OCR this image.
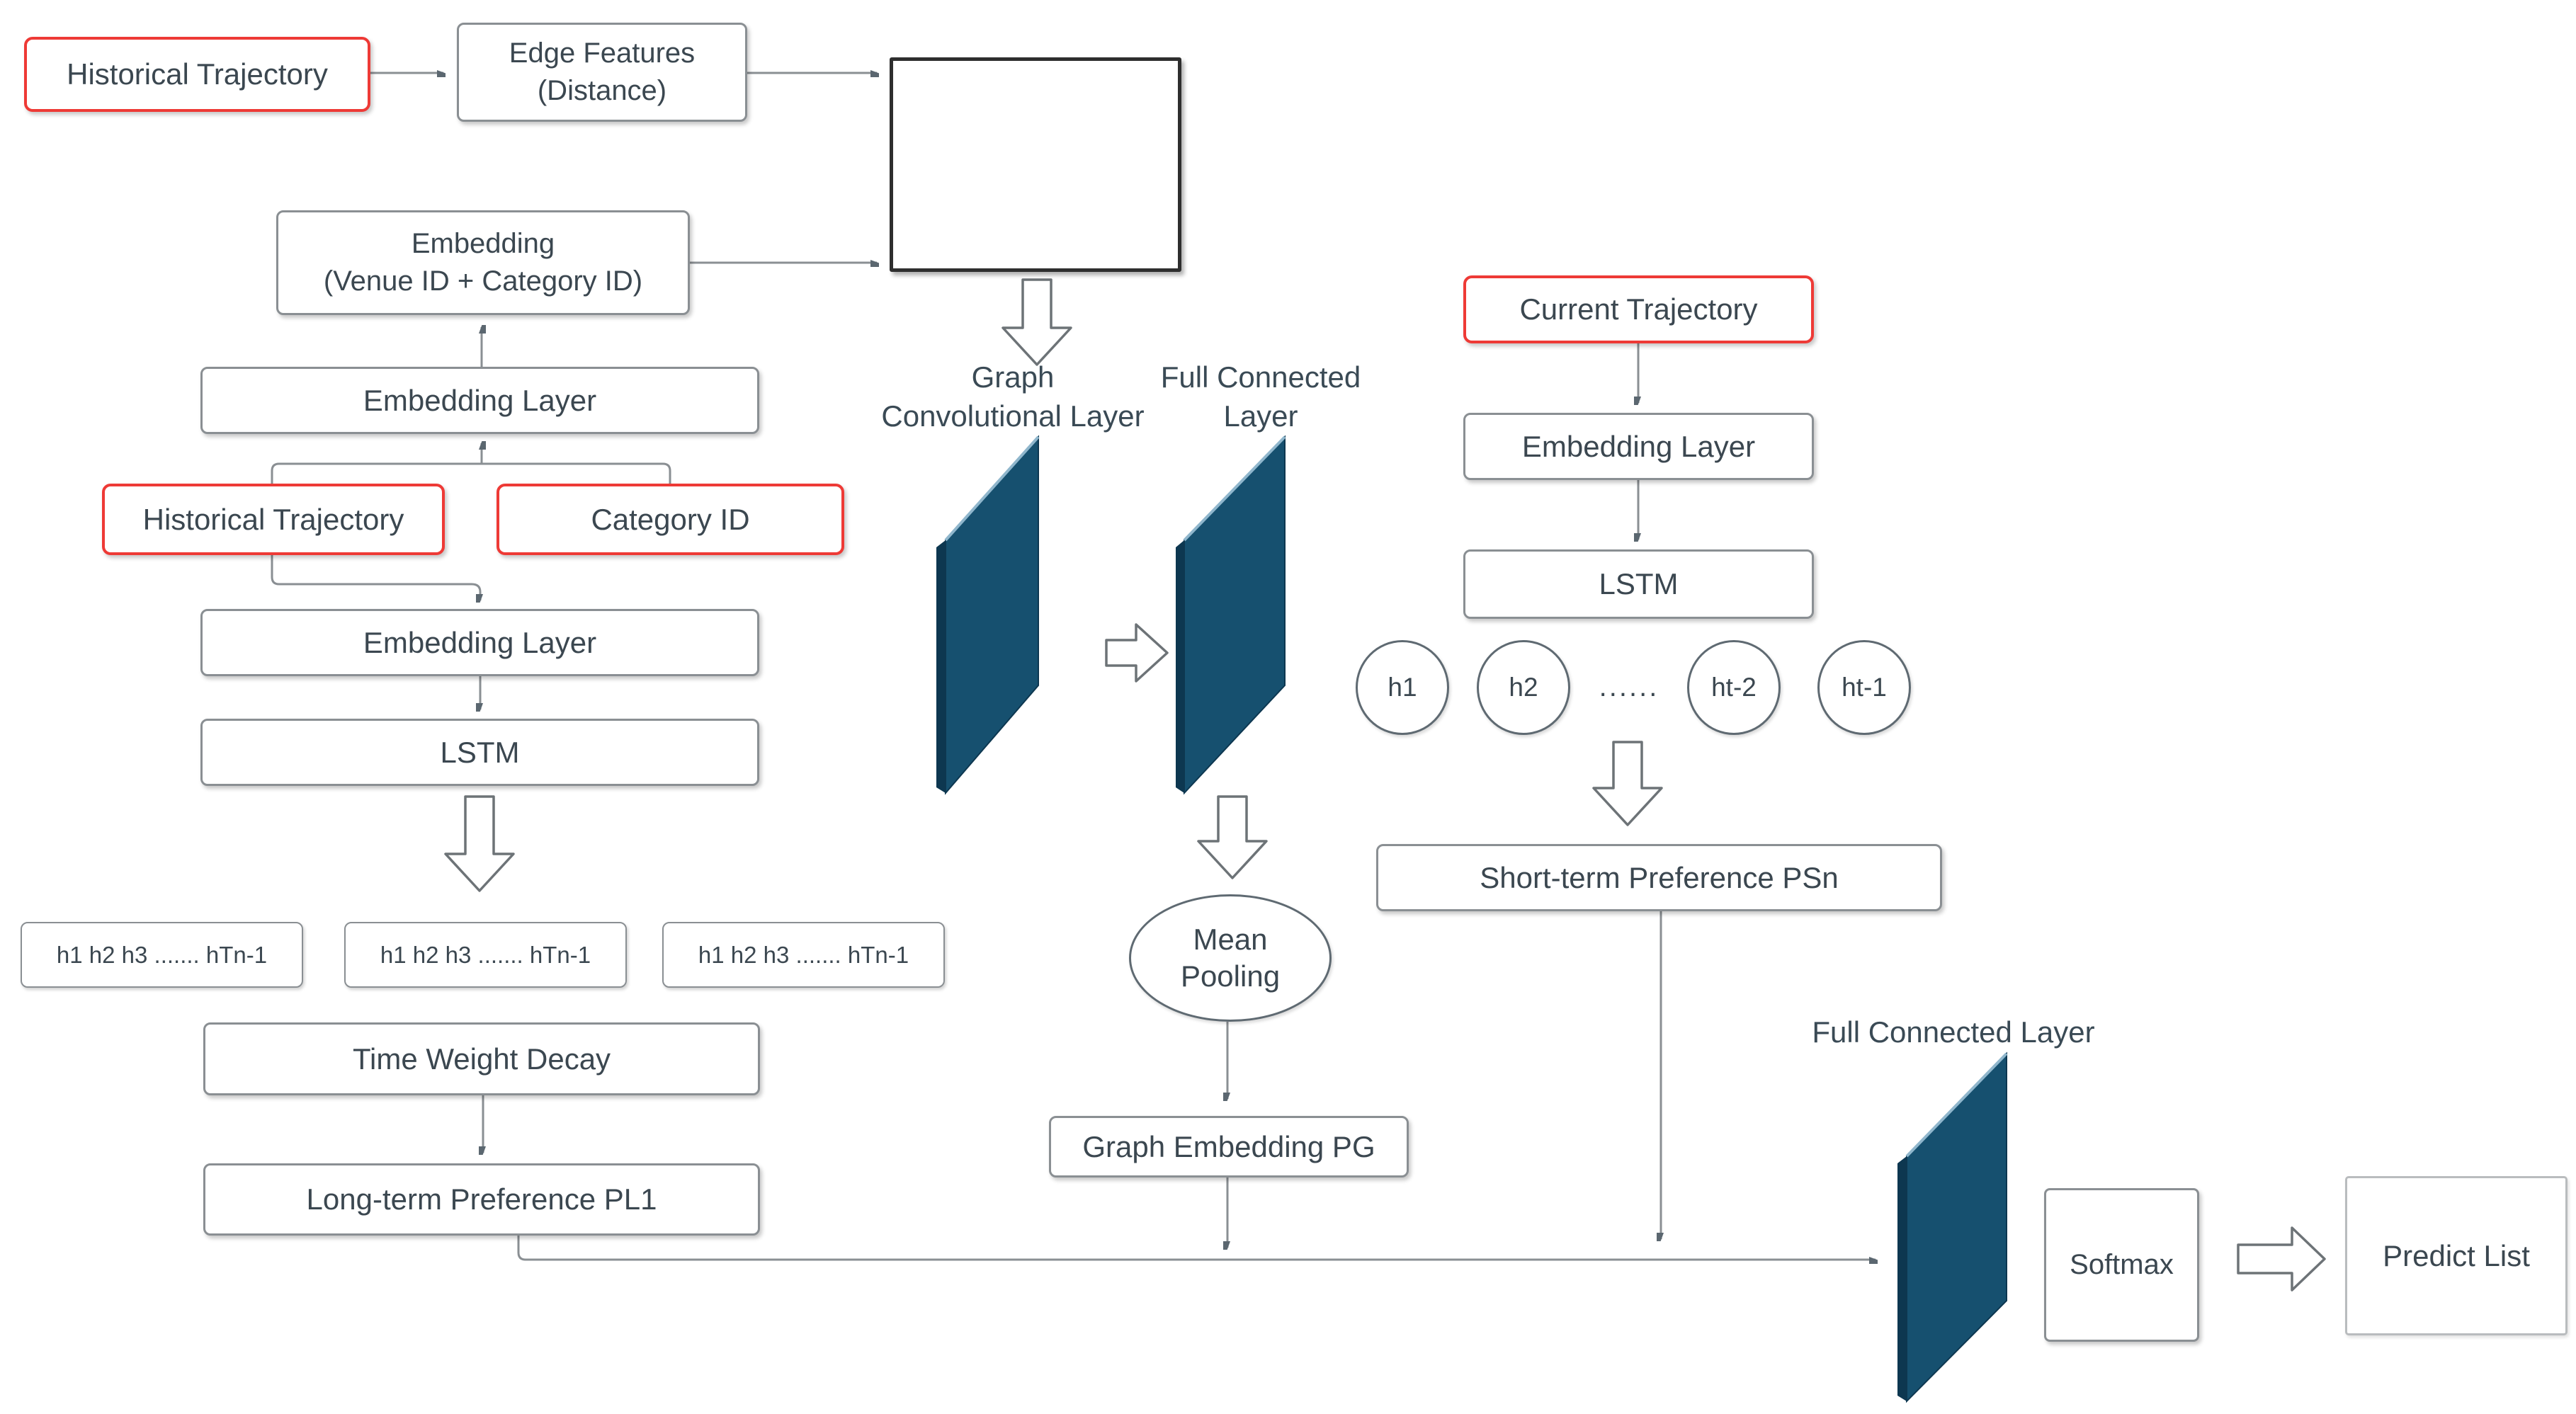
Historical Trajectory
Edge Features
(Distance)
Embedding
(Venue ID + Category ID)
Embedding Layer
Historical Trajectory	Category ID
Embedding Layer
LSTM
h1 h2 h3 ....... hTn-1	h1 h2 h3 ....... hTn-1	h1 h2 h3 ....... hTn-1
Time Weight Decay
Long-term Preference PL1
Graph
Convolutional Layer
Full Connected
Layer
Mean
Pooling
Graph Embedding PG
Current Trajectory
Embedding Layer
LSTM
h1	h2	......	ht-2	ht-1
Short-term Preference PSn
Full Connected Layer
Softmax	Predict List
